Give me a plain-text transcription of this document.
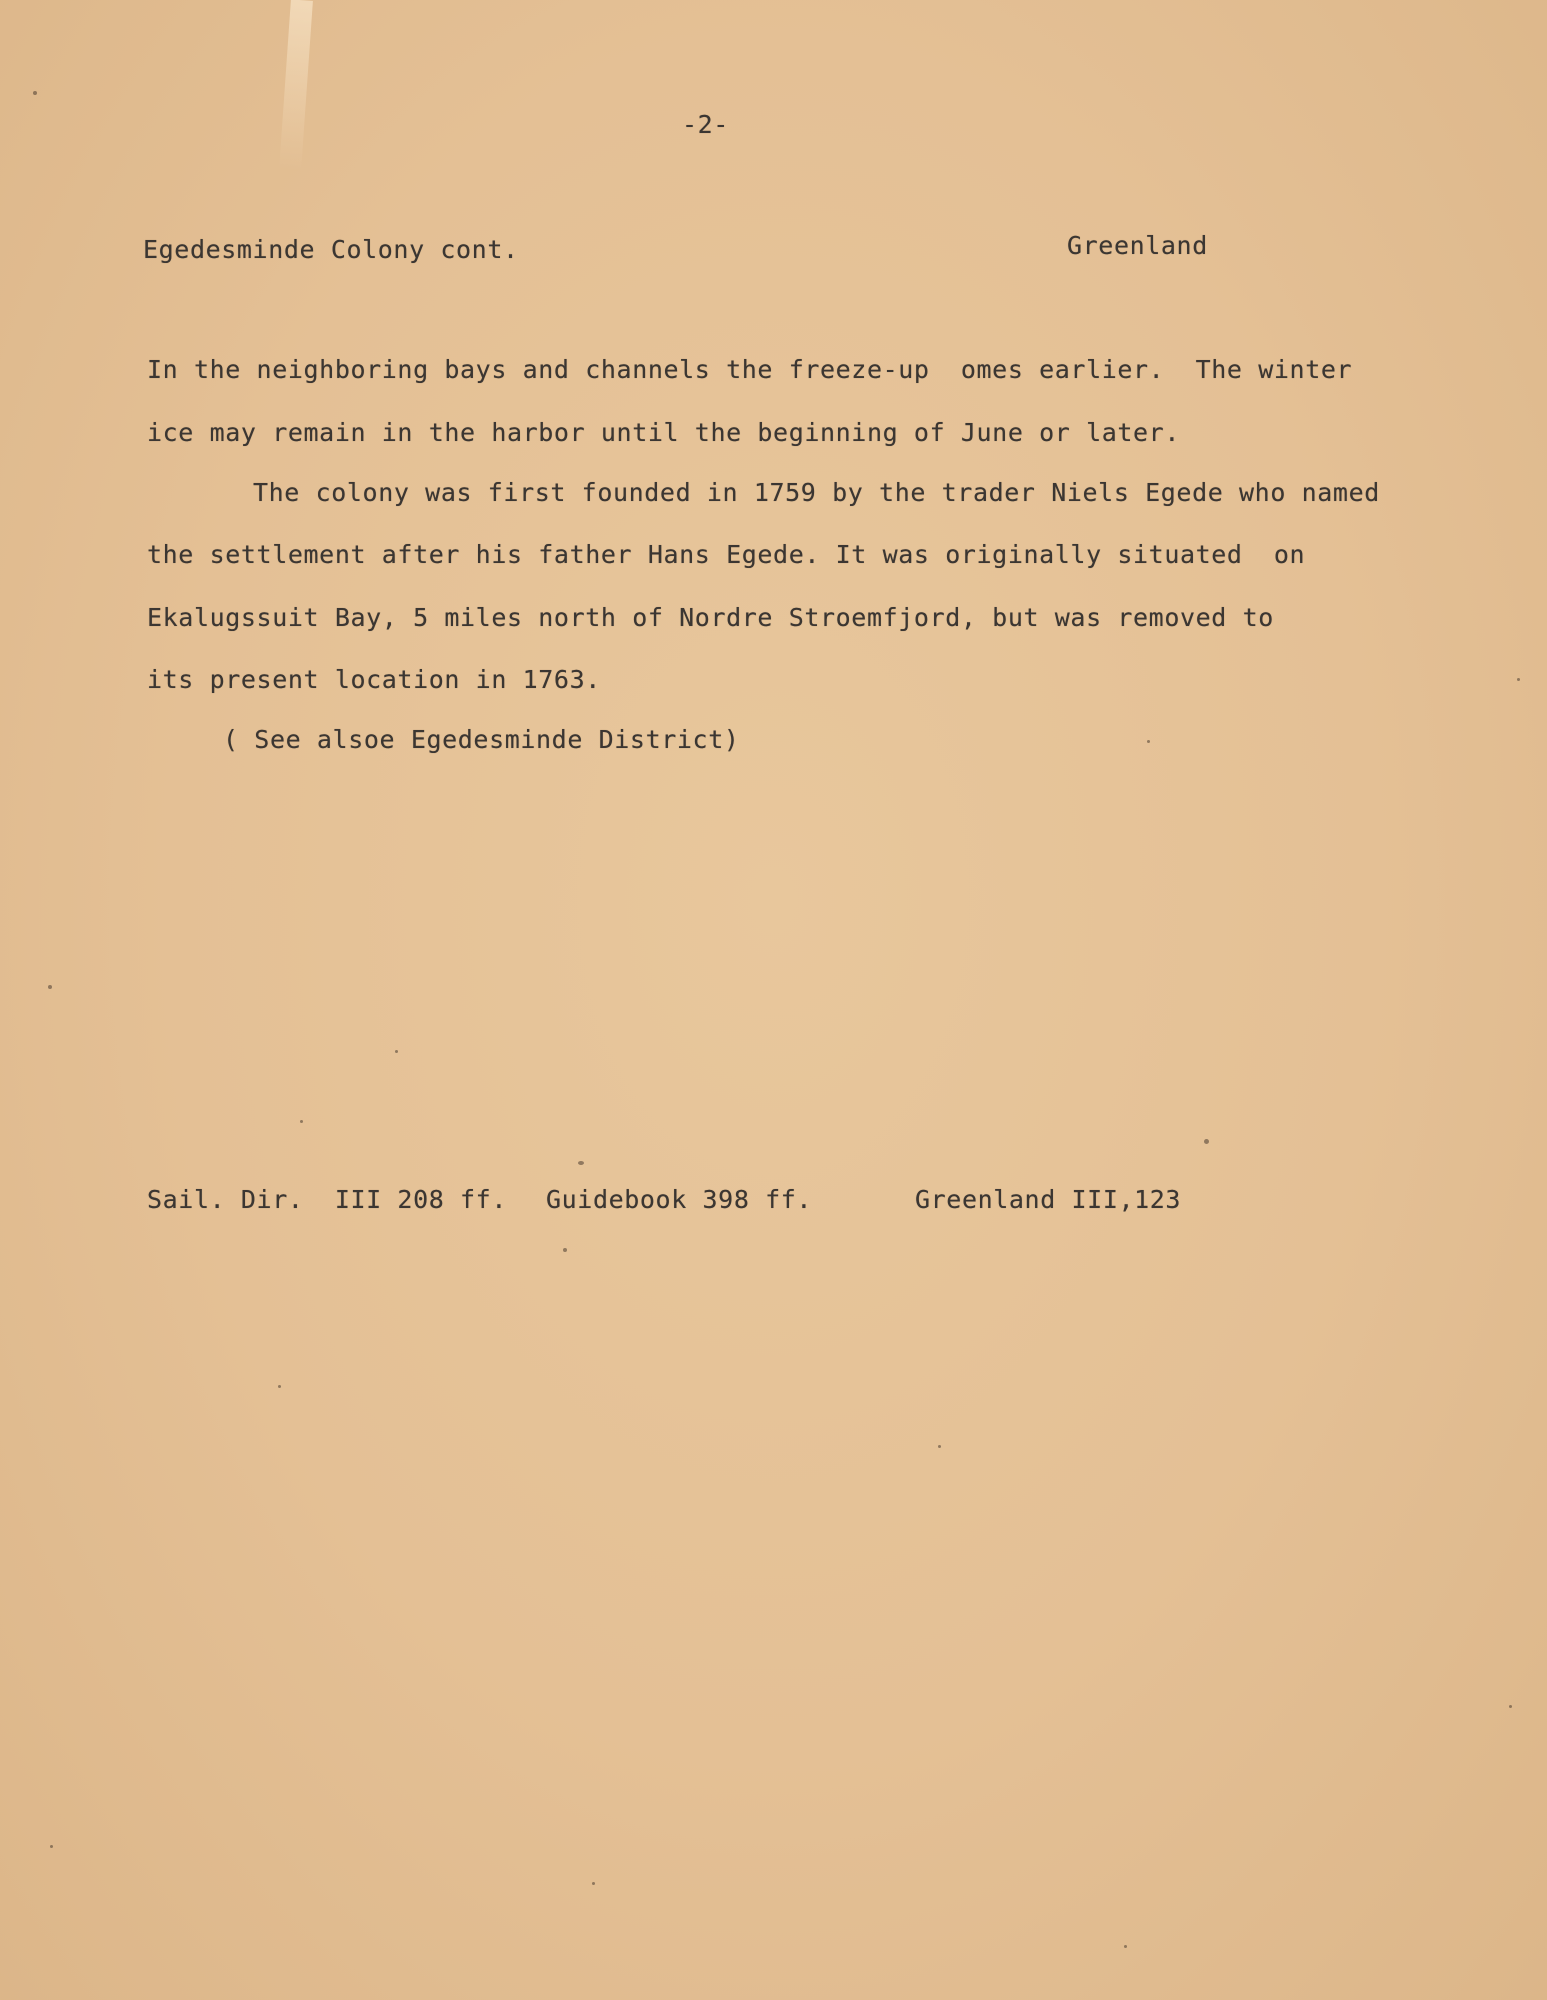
-2-

Egedesminde Colony cont.	Greenland

In the neighboring bays and channels the freeze-up  omes earlier.  The winter

ice may remain in the harbor until the beginning of June or later.

The colony was first founded in 1759 by the trader Niels Egede who named

the settlement after his father Hans Egede. It was originally situated  on

Ekalugssuit Bay, 5 miles north of Nordre Stroemfjord, but was removed to

its present location in 1763.

( See alsoe Egedesminde District)

Sail. Dir.  III 208 ff. Guidebook 398 ff.	Greenland III,123
